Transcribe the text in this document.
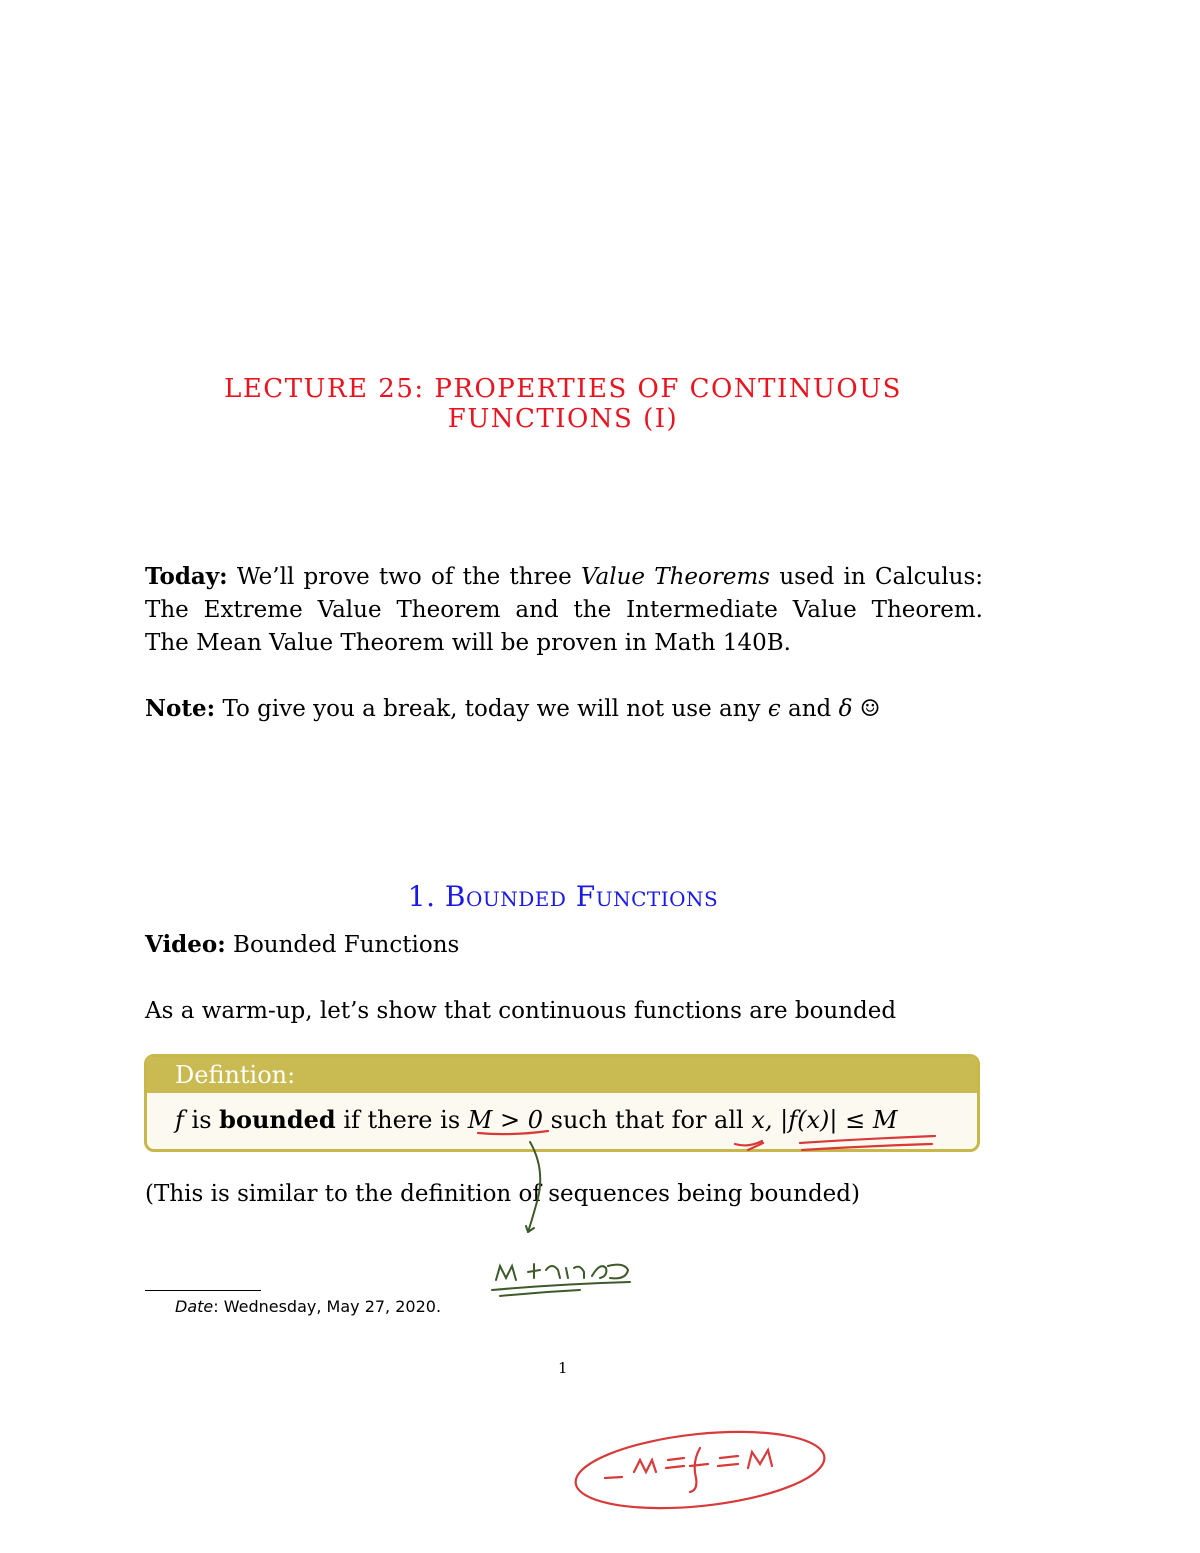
LECTURE 25: PROPERTIES OF CONTINUOUS
FUNCTIONS (I)
Today: We’ll prove two of the three Value Theorems used in Calculus:
The Extreme Value Theorem and the Intermediate Value Theorem.
The Mean Value Theorem will be proven in Math 140B.
Note: To give you a break, today we will not use any ϵ and δ ☺
1. Bounded Functions
Video: Bounded Functions
As a warm-up, let’s show that continuous functions are bounded
Defintion:
f is bounded if there is M > 0 such that for all x, |f(x)| ≤ M
(This is similar to the definition of sequences being bounded)
Date: Wednesday, May 27, 2020.
1
